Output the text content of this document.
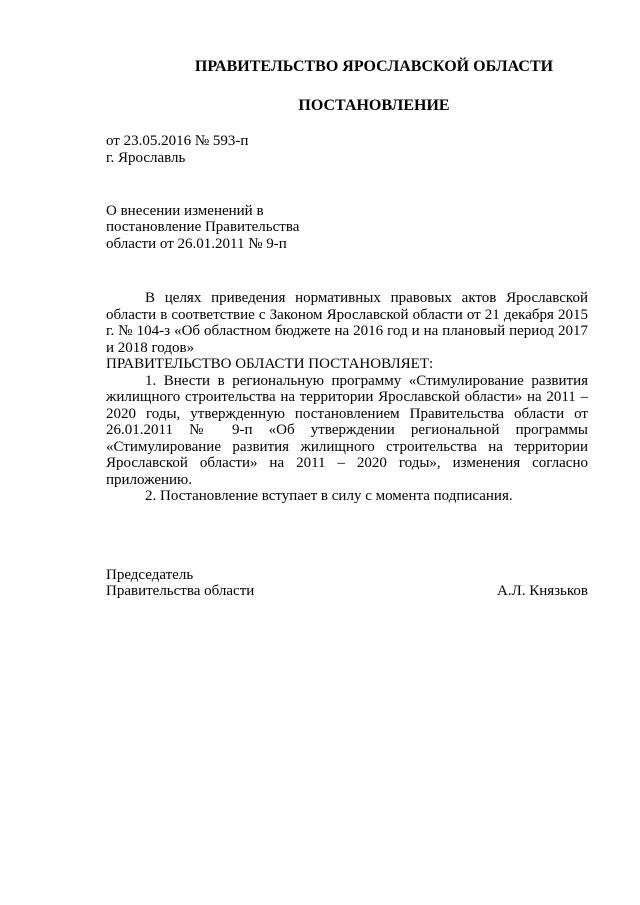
ПРАВИТЕЛЬСТВО ЯРОСЛАВСКОЙ ОБЛАСТИ
ПОСТАНОВЛЕНИЕ
от 23.05.2016 № 593-п
г. Ярославль
О внесении изменений в
постановление Правительства
области от 26.01.2011 № 9-п

В целях приведения нормативных правовых актов Ярославской области в соответствие с Законом Ярославской области от 21 декабря 2015 г. № 104-з «Об областном бюджете на 2016 год и на плановый период 2017 и 2018 годов»

ПРАВИТЕЛЬСТВО ОБЛАСТИ ПОСТАНОВЛЯЕТ:

1. Внести в региональную программу «Стимулирование развития жилищного строительства на территории Ярославской области» на 2011 – 2020 годы, утвержденную постановлением Правительства области от 26.01.2011 № 9-п «Об утверждении региональной программы «Стимулирование развития жилищного строительства на территории Ярославской области» на 2011 – 2020 годы», изменения согласно приложению.

2. Постановление вступает в силу с момента подписания.

Председатель
Правительства области	А.Л. Князьков
